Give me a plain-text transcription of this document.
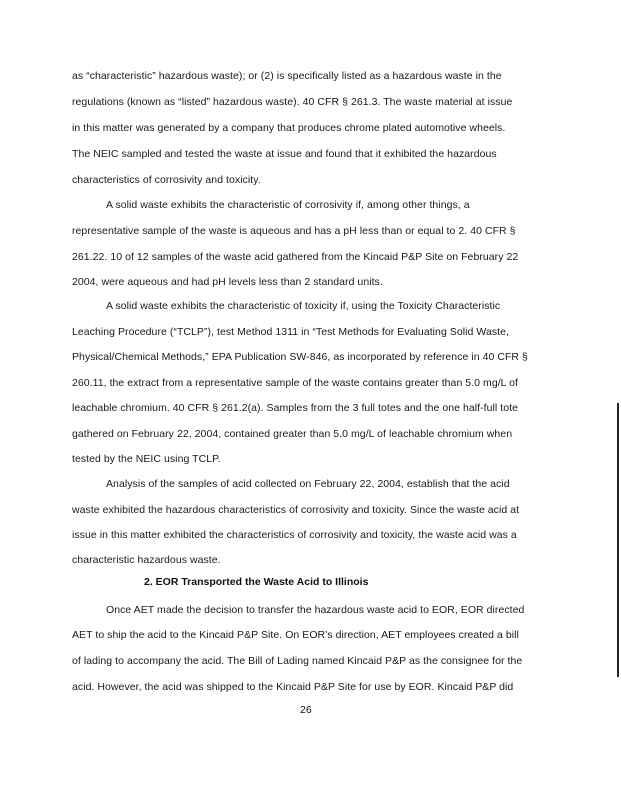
as “characteristic” hazardous waste); or (2) is specifically listed as a hazardous waste in the
regulations (known as “listed” hazardous waste). 40 CFR § 261.3. The waste material at issue
in this matter was generated by a company that produces chrome plated automotive wheels.
The NEIC sampled and tested the waste at issue and found that it exhibited the hazardous
characteristics of corrosivity and toxicity.
A solid waste exhibits the characteristic of corrosivity if, among other things, a
representative sample of the waste is aqueous and has a pH less than or equal to 2. 40 CFR §
261.22. 10 of 12 samples of the waste acid gathered from the Kincaid P&P Site on February 22
2004, were aqueous and had pH levels less than 2 standard units.
A solid waste exhibits the characteristic of toxicity if, using the Toxicity Characteristic
Leaching Procedure (“TCLP”), test Method 1311 in “Test Methods for Evaluating Solid Waste,
Physical/Chemical Methods,” EPA Publication SW-846, as incorporated by reference in 40 CFR §
260.11, the extract from a representative sample of the waste contains greater than 5.0 mg/L of
leachable chromium. 40 CFR § 261.2(a). Samples from the 3 full totes and the one half-full tote
gathered on February 22, 2004, contained greater than 5.0 mg/L of leachable chromium when
tested by the NEIC using TCLP.
Analysis of the samples of acid collected on February 22, 2004, establish that the acid
waste exhibited the hazardous characteristics of corrosivity and toxicity. Since the waste acid at
issue in this matter exhibited the characteristics of corrosivity and toxicity, the waste acid was a
characteristic hazardous waste.
2. EOR Transported the Waste Acid to Illinois
Once AET made the decision to transfer the hazardous waste acid to EOR, EOR directed
AET to ship the acid to the Kincaid P&P Site. On EOR’s direction, AET employees created a bill
of lading to accompany the acid. The Bill of Lading named Kincaid P&P as the consignee for the
acid. However, the acid was shipped to the Kincaid P&P Site for use by EOR. Kincaid P&P did
26
